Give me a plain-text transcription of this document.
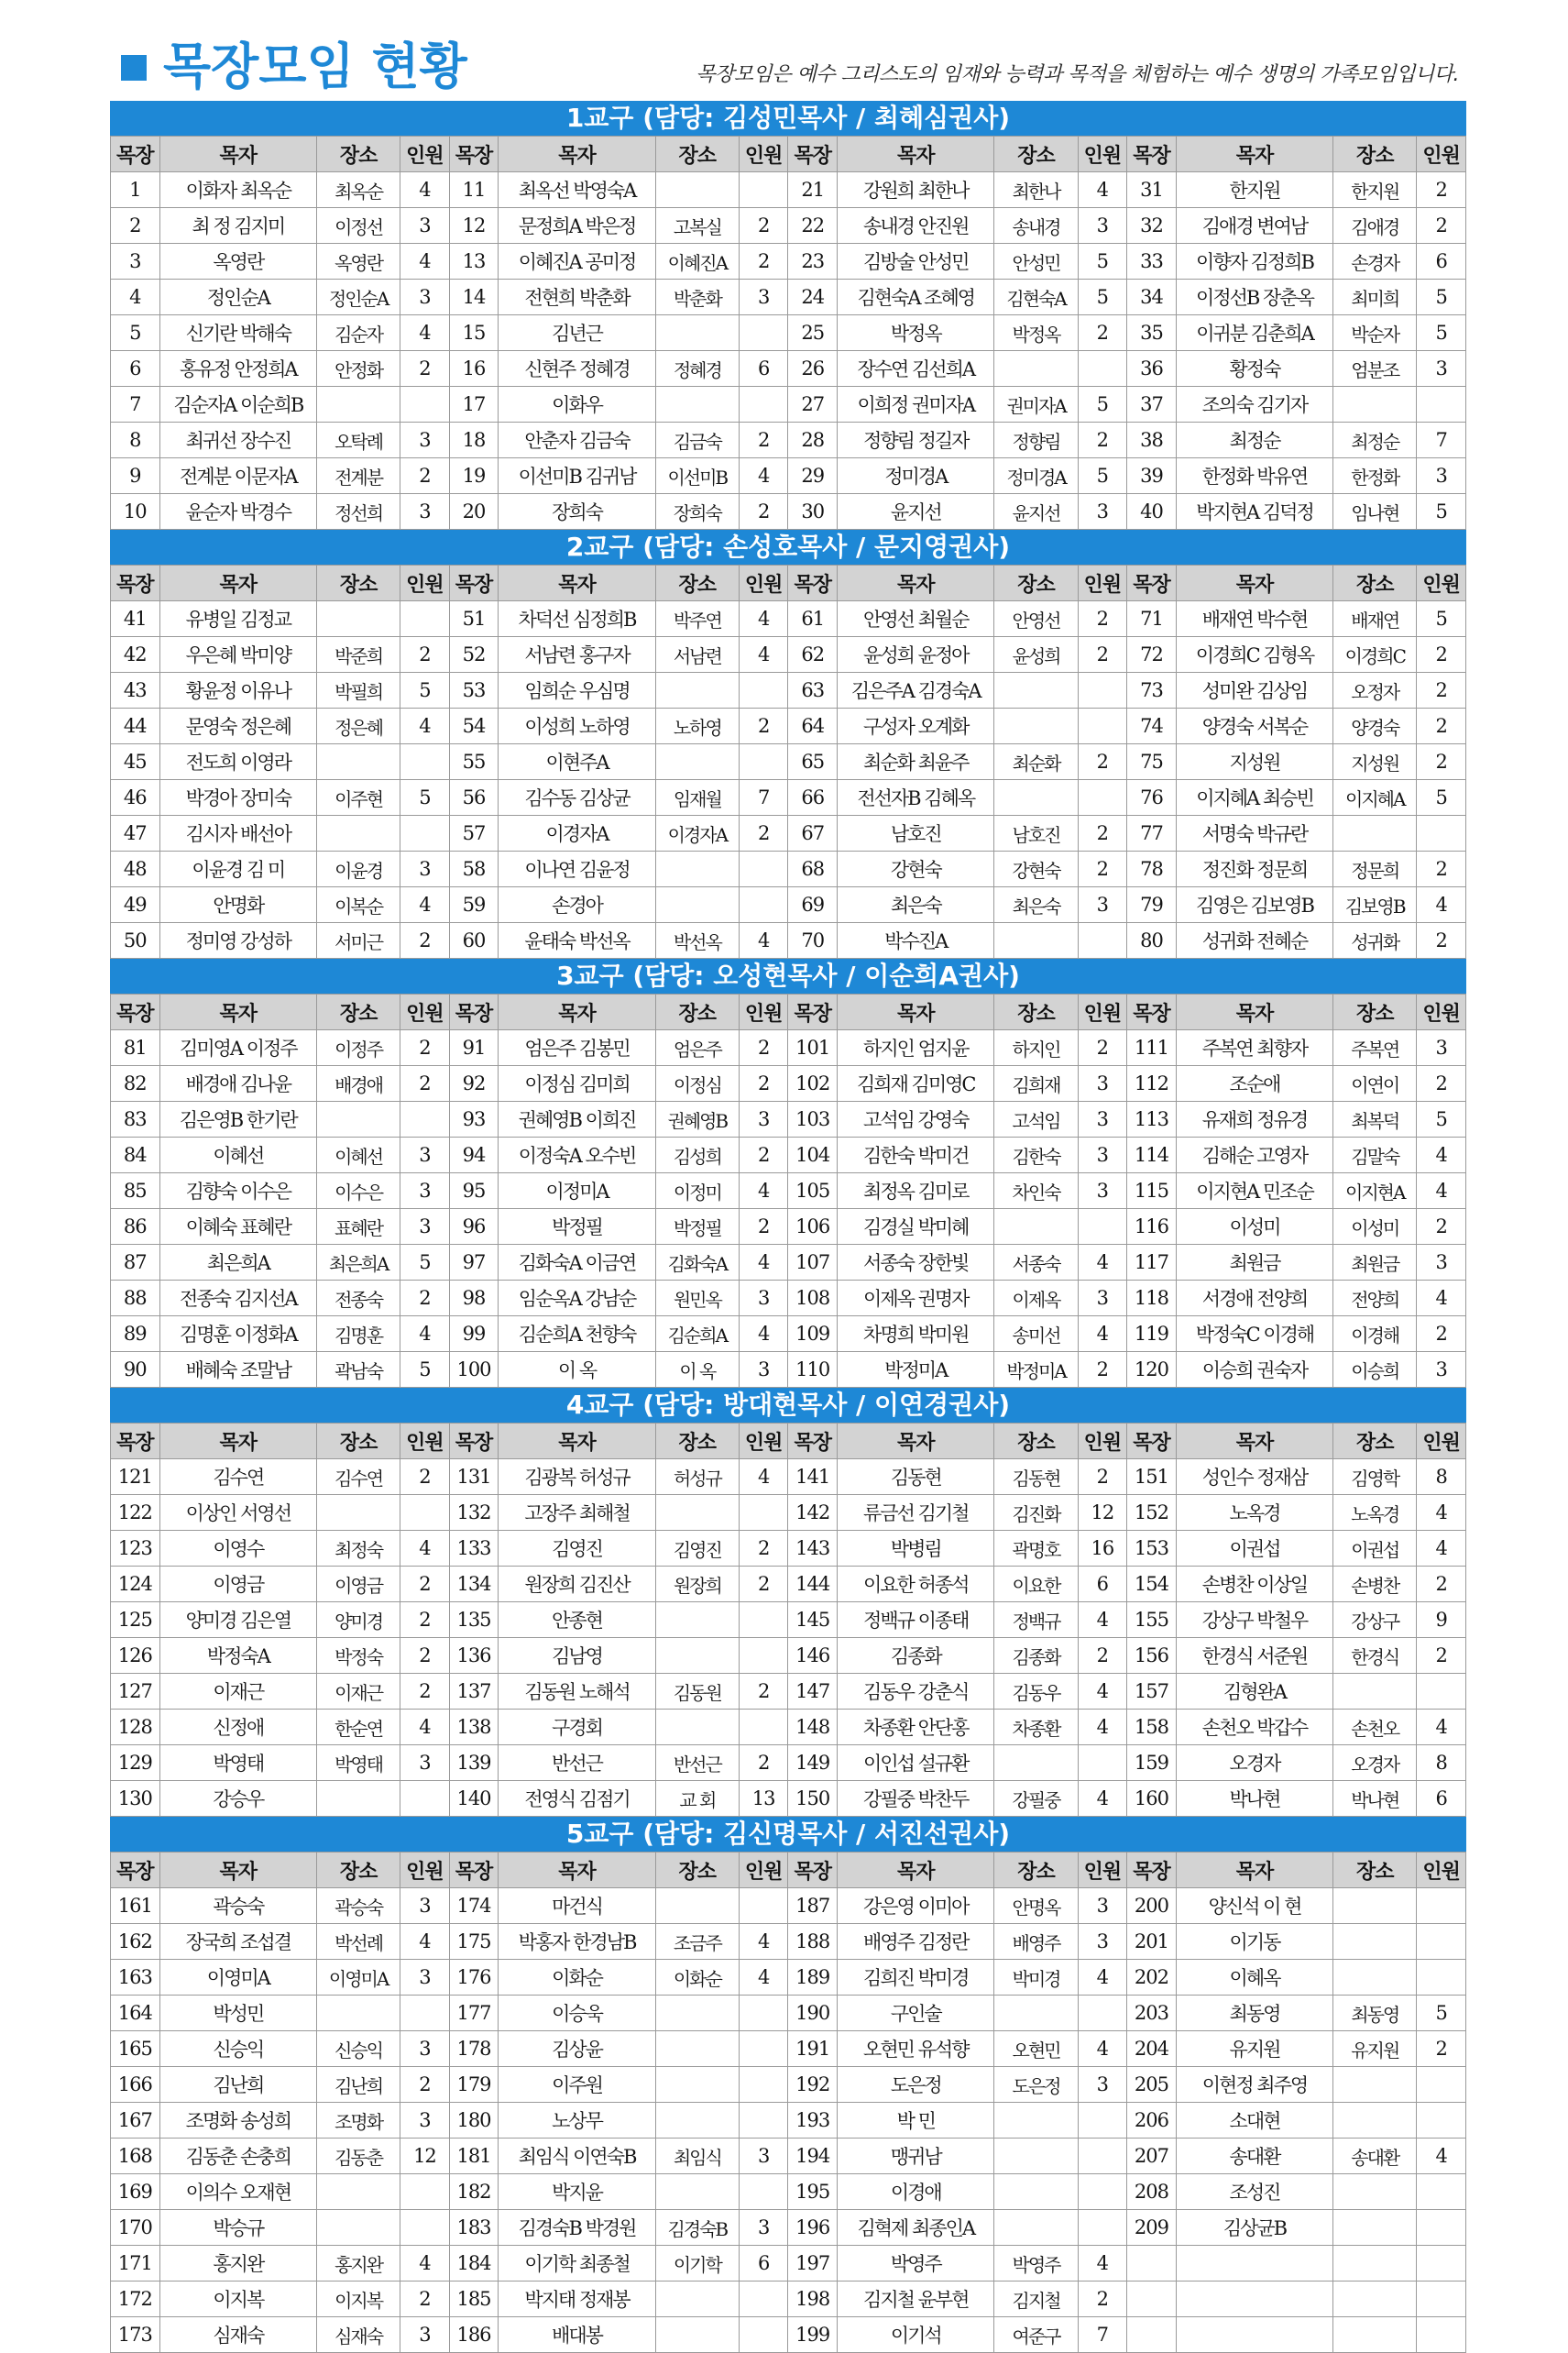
목장모임 현황	목장모임은 예수 그리스도의 임재와 능력과 목적을 체험하는 예수 생명의 가족모임입니다.
1교구 (담당: 김성민목사 / 최혜심권사)
목장	목자	장소	인원	목장	목자	장소	인원	목장	목자	장소	인원	목장	목자	장소	인원
1	이화자 최옥순	최옥순	4	11	최옥선 박영숙A			21	강원희 최한나	최한나	4	31	한지원	한지원	2
2	최 정 김지미	이정선	3	12	문정희A 박은정	고복실	2	22	송내경 안진원	송내경	3	32	김애경 변여남	김애경	2
3	옥영란	옥영란	4	13	이혜진A 공미정	이혜진A	2	23	김방술 안성민	안성민	5	33	이향자 김정희B	손경자	6
4	정인순A	정인순A	3	14	전현희 박춘화	박춘화	3	24	김현숙A 조혜영	김현숙A	5	34	이정선B 장춘옥	최미희	5
5	신기란 박해숙	김순자	4	15	김년근			25	박정옥	박정옥	2	35	이귀분 김춘희A	박순자	5
6	홍유정 안정희A	안정화	2	16	신현주 정혜경	정혜경	6	26	장수연 김선희A			36	황정숙	엄분조	3
7	김순자A 이순희B			17	이화우			27	이희정 권미자A	권미자A	5	37	조의숙 김기자		
8	최귀선 장수진	오탁례	3	18	안춘자 김금숙	김금숙	2	28	정향림 정길자	정향림	2	38	최정순	최정순	7
9	전계분 이문자A	전계분	2	19	이선미B 김귀남	이선미B	4	29	정미경A	정미경A	5	39	한정화 박유연	한정화	3
10	윤순자 박경수	정선희	3	20	장희숙	장희숙	2	30	윤지선	윤지선	3	40	박지현A 김덕정	임나현	5
2교구 (담당: 손성호목사 / 문지영권사)
목장	목자	장소	인원	목장	목자	장소	인원	목장	목자	장소	인원	목장	목자	장소	인원
41	유병일 김정교			51	차덕선 심정희B	박주연	4	61	안영선 최월순	안영선	2	71	배재연 박수현	배재연	5
42	우은혜 박미양	박준희	2	52	서남련 홍구자	서남련	4	62	윤성희 윤정아	윤성희	2	72	이경희C 김형옥	이경희C	2
43	황윤정 이유나	박필희	5	53	임희순 우심명			63	김은주A 김경숙A			73	성미완 김상임	오정자	2
44	문영숙 정은혜	정은혜	4	54	이성희 노하영	노하영	2	64	구성자 오계화			74	양경숙 서복순	양경숙	2
45	전도희 이영라			55	이현주A			65	최순화 최윤주	최순화	2	75	지성원	지성원	2
46	박경아 장미숙	이주현	5	56	김수동 김상균	임재월	7	66	전선자B 김혜옥			76	이지혜A 최승빈	이지혜A	5
47	김시자 배선아			57	이경자A	이경자A	2	67	남호진	남호진	2	77	서명숙 박규란		
48	이윤경 김 미	이윤경	3	58	이나연 김윤정			68	강현숙	강현숙	2	78	정진화 정문희	정문희	2
49	안명화	이복순	4	59	손경아			69	최은숙	최은숙	3	79	김영은 김보영B	김보영B	4
50	정미영 강성하	서미근	2	60	윤태숙 박선옥	박선옥	4	70	박수진A			80	성귀화 전혜순	성귀화	2
3교구 (담당: 오성현목사 / 이순희A권사)
목장	목자	장소	인원	목장	목자	장소	인원	목장	목자	장소	인원	목장	목자	장소	인원
81	김미영A 이정주	이정주	2	91	엄은주 김봉민	엄은주	2	101	하지인 엄지윤	하지인	2	111	주복연 최향자	주복연	3
82	배경애 김나윤	배경애	2	92	이정심 김미희	이정심	2	102	김희재 김미영C	김희재	3	112	조순애	이연이	2
83	김은영B 한기란			93	권혜영B 이희진	권혜영B	3	103	고석임 강영숙	고석임	3	113	유재희 정유경	최복덕	5
84	이혜선	이혜선	3	94	이정숙A 오수빈	김성희	2	104	김한숙 박미건	김한숙	3	114	김해순 고영자	김말숙	4
85	김향숙 이수은	이수은	3	95	이정미A	이정미	4	105	최정옥 김미로	차인숙	3	115	이지현A 민조순	이지현A	4
86	이혜숙 표혜란	표혜란	3	96	박정필	박정필	2	106	김경실 박미혜			116	이성미	이성미	2
87	최은희A	최은희A	5	97	김화숙A 이금연	김화숙A	4	107	서종숙 장한빛	서종숙	4	117	최원금	최원금	3
88	전종숙 김지선A	전종숙	2	98	임순옥A 강남순	원민옥	3	108	이제옥 권명자	이제옥	3	118	서경애 전양희	전양희	4
89	김명훈 이정화A	김명훈	4	99	김순희A 천향숙	김순희A	4	109	차명희 박미원	송미선	4	119	박정숙C 이경해	이경해	2
90	배혜숙 조말남	곽남숙	5	100	이 옥	이 옥	3	110	박정미A	박정미A	2	120	이승희 권숙자	이승희	3
4교구 (담당: 방대현목사 / 이연경권사)
목장	목자	장소	인원	목장	목자	장소	인원	목장	목자	장소	인원	목장	목자	장소	인원
121	김수연	김수연	2	131	김광복 허성규	허성규	4	141	김동현	김동현	2	151	성인수 정재삼	김영학	8
122	이상인 서영선			132	고장주 최해철			142	류금선 김기철	김진화	12	152	노옥경	노옥경	4
123	이영수	최정숙	4	133	김영진	김영진	2	143	박병림	곽명호	16	153	이권섭	이권섭	4
124	이영금	이영금	2	134	원장희 김진산	원장희	2	144	이요한 허종석	이요한	6	154	손병찬 이상일	손병찬	2
125	양미경 김은열	양미경	2	135	안종현			145	정백규 이종태	정백규	4	155	강상구 박철우	강상구	9
126	박정숙A	박정숙	2	136	김남영			146	김종화	김종화	2	156	한경식 서준원	한경식	2
127	이재근	이재근	2	137	김동원 노해석	김동원	2	147	김동우 강춘식	김동우	4	157	김형완A		
128	신정애	한순연	4	138	구경회			148	차종환 안단홍	차종환	4	158	손천오 박갑수	손천오	4
129	박영태	박영태	3	139	반선근	반선근	2	149	이인섭 설규환			159	오경자	오경자	8
130	강승우			140	전영식 김점기	교 회	13	150	강필중 박찬두	강필중	4	160	박나현	박나현	6
5교구 (담당: 김신명목사 / 서진선권사)
목장	목자	장소	인원	목장	목자	장소	인원	목장	목자	장소	인원	목장	목자	장소	인원
161	곽승숙	곽승숙	3	174	마건식			187	강은영 이미아	안명옥	3	200	양신석 이 현		
162	장국희 조섭결	박선례	4	175	박홍자 한경남B	조금주	4	188	배영주 김정란	배영주	3	201	이기동		
163	이영미A	이영미A	3	176	이화순	이화순	4	189	김희진 박미경	박미경	4	202	이혜옥		
164	박성민			177	이승욱			190	구인술			203	최동영	최동영	5
165	신승익	신승익	3	178	김상윤			191	오현민 유석향	오현민	4	204	유지원	유지원	2
166	김난희	김난희	2	179	이주원			192	도은정	도은정	3	205	이현정 최주영		
167	조명화 송성희	조명화	3	180	노상무			193	박 민			206	소대현		
168	김동춘 손충희	김동춘	12	181	최임식 이연숙B	최임식	3	194	맹귀남			207	송대환	송대환	4
169	이의수 오재현			182	박지윤			195	이경애			208	조성진		
170	박승규			183	김경숙B 박경원	김경숙B	3	196	김혁제 최종인A			209	김상균B		
171	홍지완	홍지완	4	184	이기학 최종철	이기학	6	197	박영주	박영주	4				
172	이지복	이지복	2	185	박지태 정재봉			198	김지철 윤부현	김지철	2				
173	심재숙	심재숙	3	186	배대봉			199	이기석	여준구	7				
